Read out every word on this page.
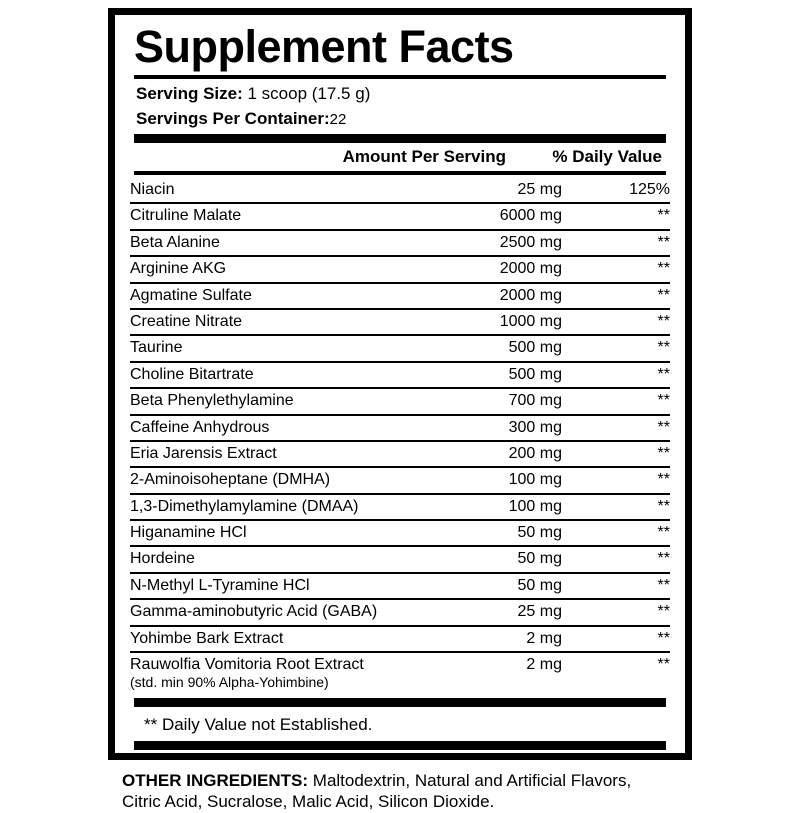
Supplement Facts
Serving Size: 1 scoop (17.5 g)
Servings Per Container:22
Amount Per Serving	% Daily Value
Niacin	25 mg	125%
Citruline Malate	6000 mg	**
Beta Alanine	2500 mg	**
Arginine AKG	2000 mg	**
Agmatine Sulfate	2000 mg	**
Creatine Nitrate	1000 mg	**
Taurine	500 mg	**
Choline Bitartrate	500 mg	**
Beta Phenylethylamine	700 mg	**
Caffeine Anhydrous	300 mg	**
Eria Jarensis Extract	200 mg	**
2-Aminoisoheptane (DMHA)	100 mg	**
1,3-Dimethylamylamine (DMAA)	100 mg	**
Higanamine HCl	50 mg	**
Hordeine	50 mg	**
N-Methyl L-Tyramine HCl	50 mg	**
Gamma-aminobutyric Acid (GABA)	25 mg	**
Yohimbe Bark Extract	2 mg	**
Rauwolfia Vomitoria Root Extract
(std. min 90% Alpha-Yohimbine)	2 mg	**
** Daily Value not Established.
OTHER INGREDIENTS: Maltodextrin, Natural and Artificial Flavors,
Citric Acid, Sucralose, Malic Acid, Silicon Dioxide.
